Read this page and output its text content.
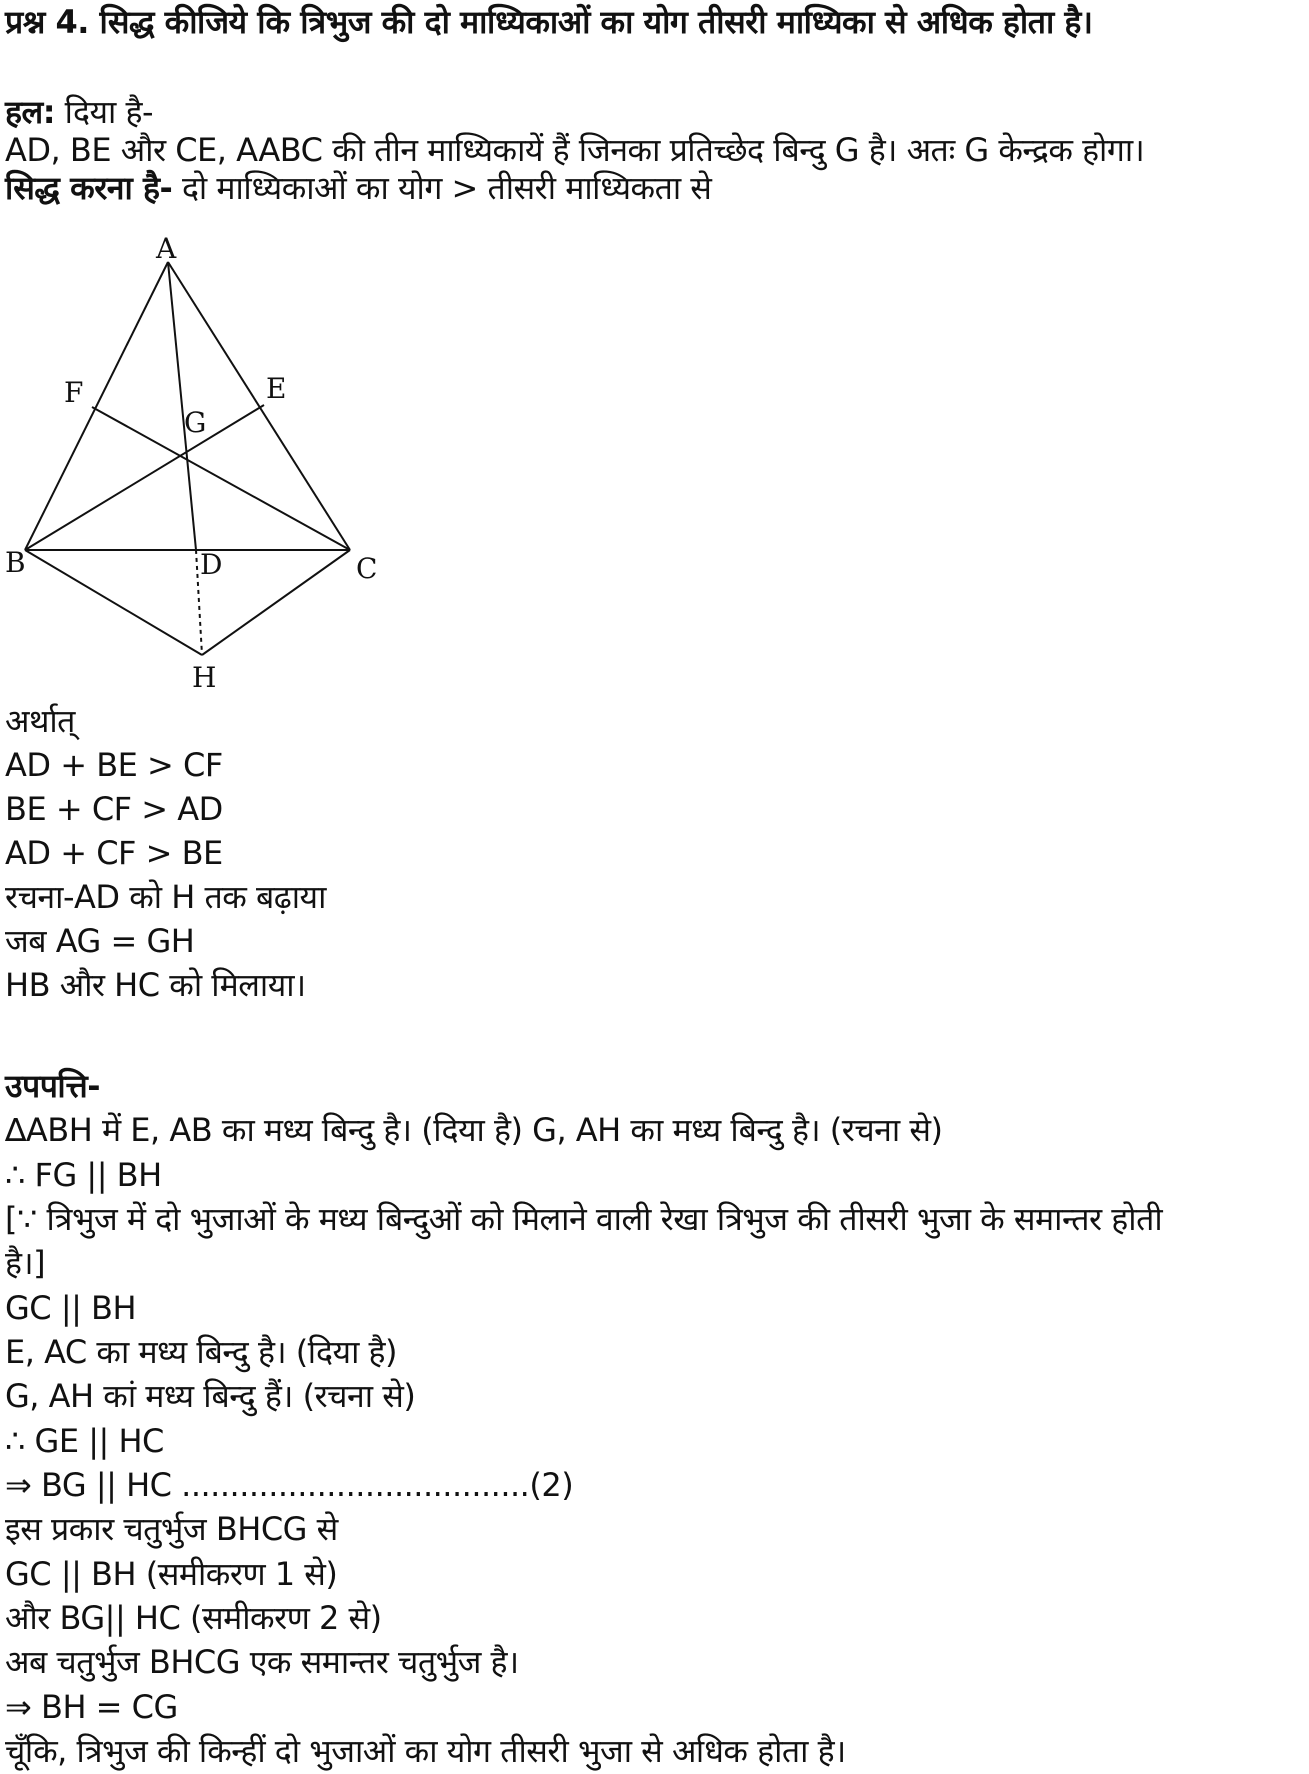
प्रश्न 4. सिद्ध कीजिये कि त्रिभुज की दो माध्यिकाओं का योग तीसरी माध्यिका से अधिक होता है।
हल: दिया है-
AD, BE और CE, AABC की तीन माध्यिकायें हैं जिनका प्रतिच्छेद बिन्दु G है। अतः G केन्द्रक होगा।
सिद्ध करना है- दो माध्यिकाओं का योग > तीसरी माध्यिकता से
A
B	C
D
E
F
G
H
अर्थात्
AD + BE > CF
BE + CF > AD
AD + CF > BE
रचना-AD को H तक बढ़ाया
जब AG = GH
HB और HC को मिलाया।
उपपत्ति-
∆ABH में E, AB का मध्य बिन्दु है। (दिया है) G, AH का मध्य बिन्दु है। (रचना से)
∴ FG || BH
[∵ त्रिभुज में दो भुजाओं के मध्य बिन्दुओं को मिलाने वाली रेखा त्रिभुज की तीसरी भुजा के समान्तर होती
है।]
GC || BH
E, AC का मध्य बिन्दु है। (दिया है)
G, AH कां मध्य बिन्दु हैं। (रचना से)
∴ GE || HC
⇒ BG || HC ....................................(2)
इस प्रकार चतुर्भुज BHCG से
GC || BH (समीकरण 1 से)
और BG|| HC (समीकरण 2 से)
अब चतुर्भुज BHCG एक समान्तर चतुर्भुज है।
⇒ BH = CG
चूँकि, त्रिभुज की किन्हीं दो भुजाओं का योग तीसरी भुजा से अधिक होता है।
